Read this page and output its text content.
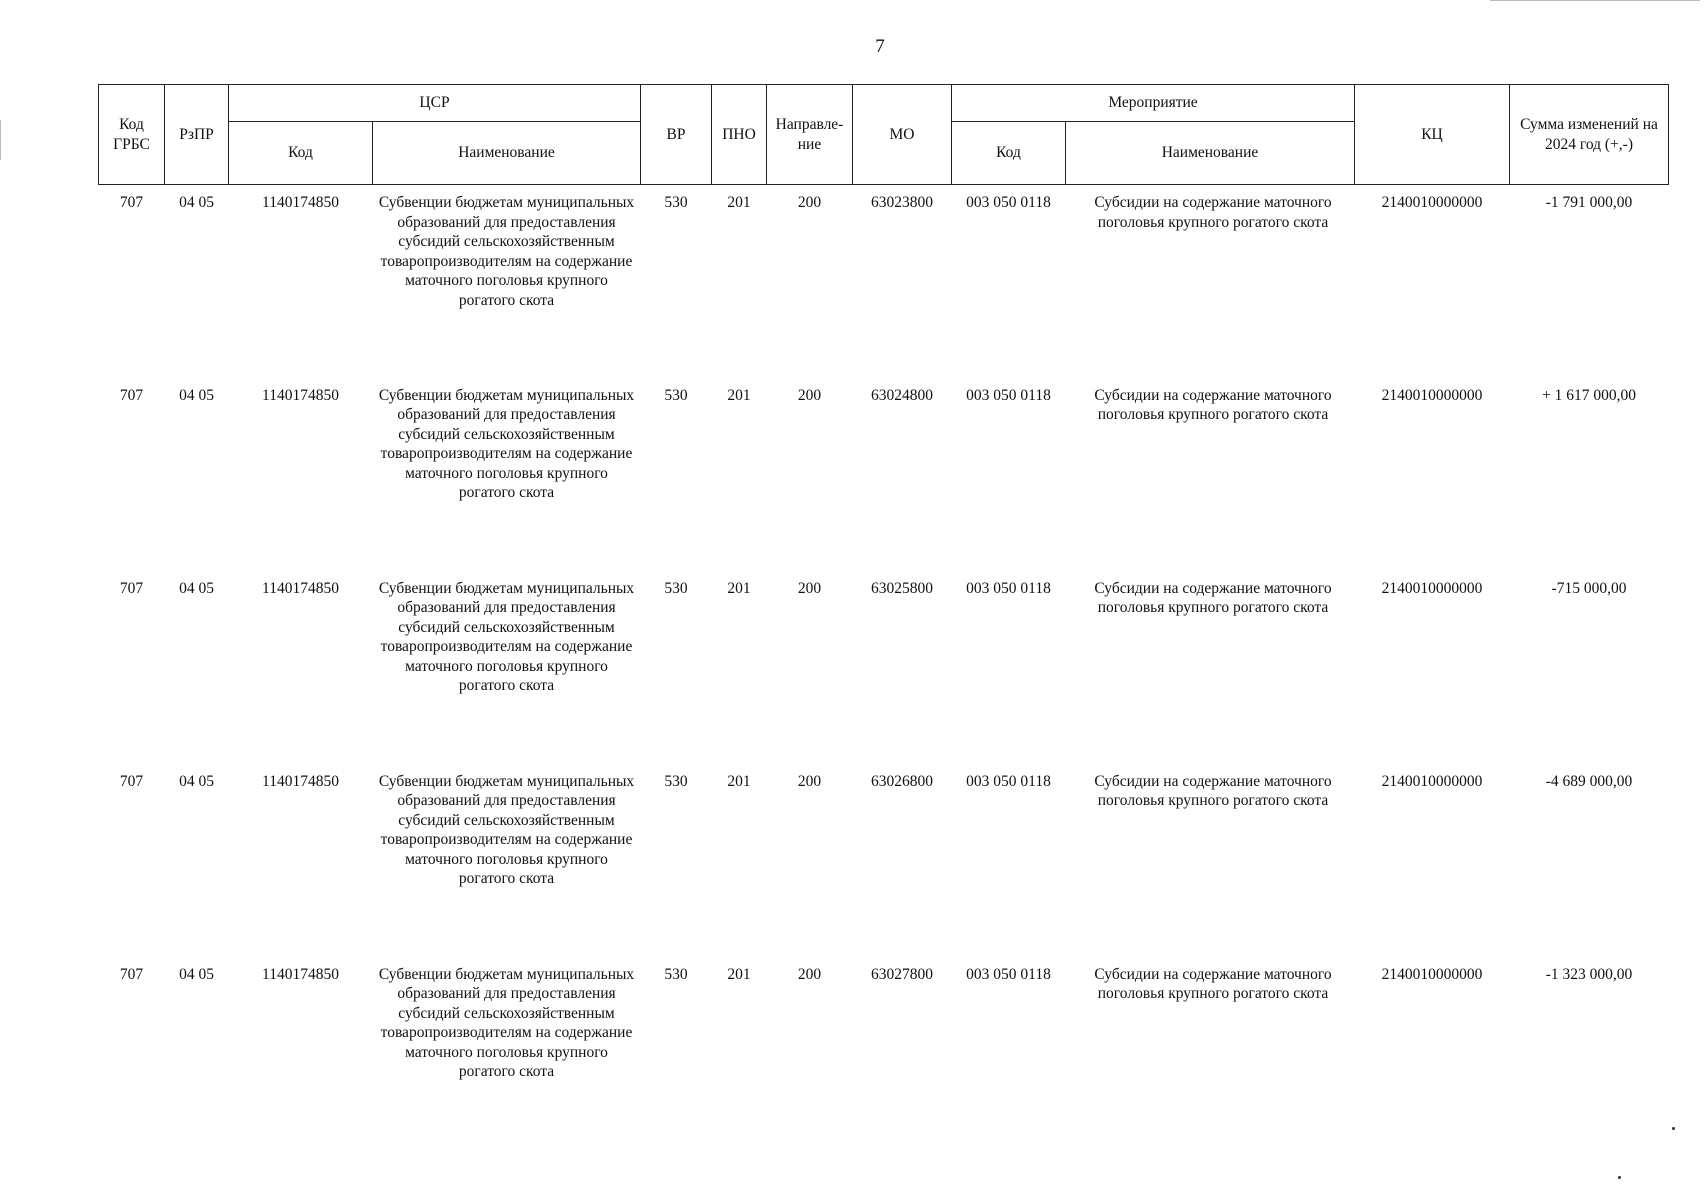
7
Код ГРБС	РзПР	ЦСР		ВР	ПНО	Направле-ние	МО	Мероприятие		КЦ	Сумма изменений на 2024 год (+,-)
		Код	Наименование					Код	Наименование		
707	04 05	1140174850	Субвенции бюджетам муниципальных образований для предоставления субсидий сельскохозяйственным товаропроизводителям на содержание маточного поголовья крупного рогатого скота	530	201	200	63023800	003 050 0118	Субсидии на содержание маточного поголовья крупного рогатого скота	2140010000000	-1 791 000,00
707	04 05	1140174850	Субвенции бюджетам муниципальных образований для предоставления субсидий сельскохозяйственным товаропроизводителям на содержание маточного поголовья крупного рогатого скота	530	201	200	63024800	003 050 0118	Субсидии на содержание маточного поголовья крупного рогатого скота	2140010000000	+ 1 617 000,00
707	04 05	1140174850	Субвенции бюджетам муниципальных образований для предоставления субсидий сельскохозяйственным товаропроизводителям на содержание маточного поголовья крупного рогатого скота	530	201	200	63025800	003 050 0118	Субсидии на содержание маточного поголовья крупного рогатого скота	2140010000000	-715 000,00
707	04 05	1140174850	Субвенции бюджетам муниципальных образований для предоставления субсидий сельскохозяйственным товаропроизводителям на содержание маточного поголовья крупного рогатого скота	530	201	200	63026800	003 050 0118	Субсидии на содержание маточного поголовья крупного рогатого скота	2140010000000	-4 689 000,00
707	04 05	1140174850	Субвенции бюджетам муниципальных образований для предоставления субсидий сельскохозяйственным товаропроизводителям на содержание маточного поголовья крупного рогатого скота	530	201	200	63027800	003 050 0118	Субсидии на содержание маточного поголовья крупного рогатого скота	2140010000000	-1 323 000,00
